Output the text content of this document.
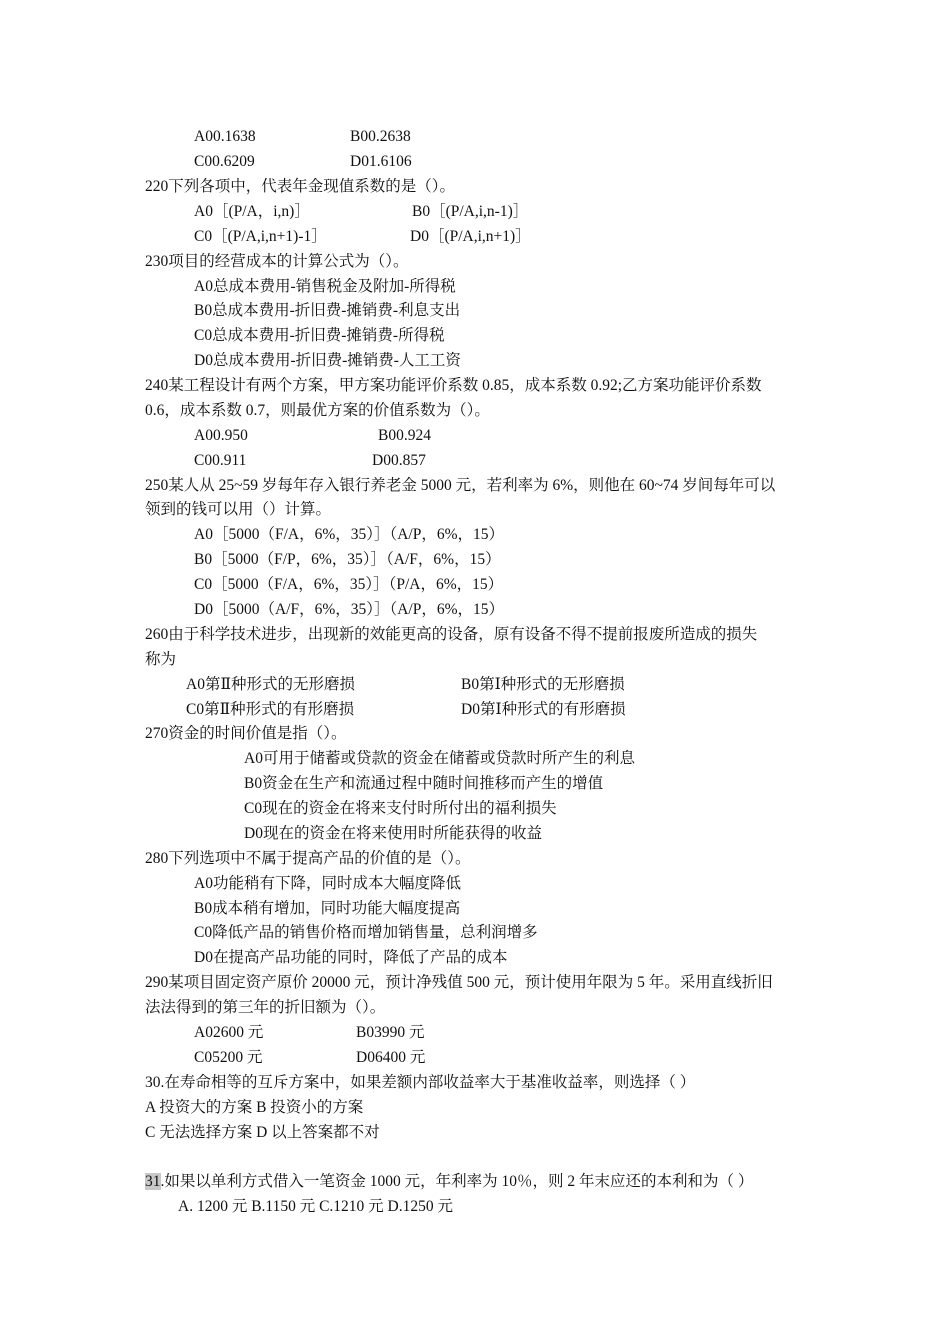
A00.1638	B00.2638
C00.6209	D01.6106
220下列各项中，代表年金现值系数的是（）。
A0［(P/A，i,n)］	B0［(P/A,i,n-1)］
C0［(P/A,i,n+1)-1］	D0［(P/A,i,n+1)］
230项目的经营成本的计算公式为（）。
A0总成本费用-销售税金及附加-所得税
B0总成本费用-折旧费-摊销费-利息支出
C0总成本费用-折旧费-摊销费-所得税
D0总成本费用-折旧费-摊销费-人工工资
240某工程设计有两个方案，甲方案功能评价系数 0.85，成本系数 0.92;乙方案功能评价系数
0.6，成本系数 0.7，则最优方案的价值系数为（）。
A00.950	B00.924
C00.911	D00.857
250某人从 25~59 岁每年存入银行养老金 5000 元，若利率为 6%，则他在 60~74 岁间每年可以
领到的钱可以用（）计算。
A0［5000（F/A，6%，35）］（A/P，6%，15）
B0［5000（F/P，6%，35）］（A/F，6%，15）
C0［5000（F/A，6%，35）］（P/A，6%，15）
D0［5000（A/F，6%，35）］（A/P，6%，15）
260由于科学技术进步，出现新的效能更高的设备，原有设备不得不提前报废所造成的损失
称为
A0第Ⅱ种形式的无形磨损	B0第Ⅰ种形式的无形磨损
C0第Ⅱ种形式的有形磨损	D0第Ⅰ种形式的有形磨损
270资金的时间价值是指（）。
A0可用于储蓄或贷款的资金在储蓄或贷款时所产生的利息
B0资金在生产和流通过程中随时间推移而产生的增值
C0现在的资金在将来支付时所付出的福利损失
D0现在的资金在将来使用时所能获得的收益
280下列选项中不属于提高产品的价值的是（）。
A0功能稍有下降，同时成本大幅度降低
B0成本稍有增加，同时功能大幅度提高
C0降低产品的销售价格而增加销售量，总利润增多
D0在提高产品功能的同时，降低了产品的成本
290某项目固定资产原价 20000 元，预计净残值 500 元，预计使用年限为 5 年。采用直线折旧
法法得到的第三年的折旧额为（）。
A02600 元	B03990 元
C05200 元	D06400 元
30.在寿命相等的互斥方案中，如果差额内部收益率大于基准收益率，则选择（ ）
A 投资大的方案 B 投资小的方案
C 无法选择方案 D 以上答案都不对
31.如果以单利方式借入一笔资金 1000 元，年利率为 10％，则 2 年末应还的本利和为（ ）
A. 1200 元 B.1150 元 C.1210 元 D.1250 元
